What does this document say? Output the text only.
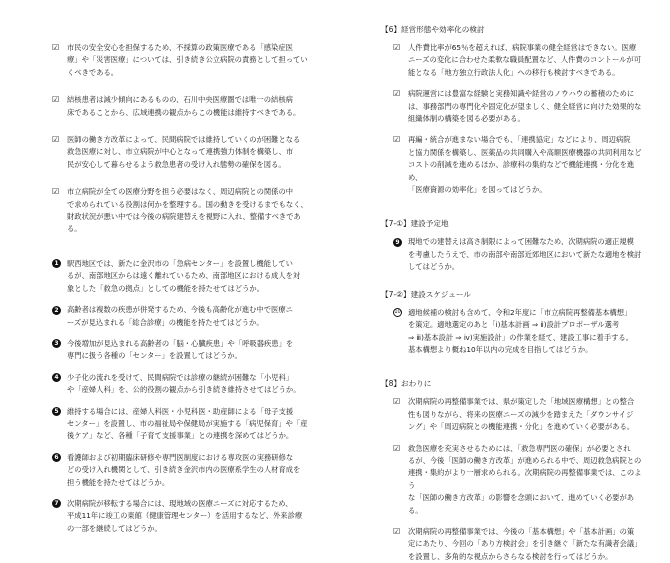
☑	市民の安全安心を担保するため、不採算の政策医療である「感染症医
療」や「災害医療」については、引き続き公立病院の責務として担ってい
くべきである。
☑	結核患者は減少傾向にあるものの、石川中央医療圏では唯一の結核病
床であることから、広域連携の観点からこの機能は維持すべきである。
☑	医師の働き方改革によって、民間病院では維持していくのが困難となる
救急医療に対し、市立病院が中心となって連携強力体制を構築し、市
民が安心して暮らせるよう救急患者の受け入れ態勢の確保を図る。
☑	市立病院が全ての医療分野を担う必要はなく、周辺病院との関係の中
で求められている役割は何かを整理する。国の動きを受けるまでもなく、
財政状況が悪い中では今後の病院建替えを視野に入れ、整備すべきである。
1	駅西地区では、新たに金沢市の「急病センター」を設置し機能してい
るが、南部地区からは遠く離れているため、南部地区における成人を対
象とした「救急の拠点」としての機能を持たせてはどうか。
2	高齢者は複数の疾患が併発するため、今後も高齢化が進む中で医療ニ
ーズが見込まれる「総合診療」の機能を持たせてはどうか。
3	今後増加が見込まれる高齢者の「脳・心臓疾患」や「呼吸器疾患」を
専門に扱う各種の「センター」を設置してはどうか。
4	少子化の流れを受けて、民間病院では診療の継続が困難な「小児科」
や「産婦人科」を、公的役割の観点から引き続き維持させてはどうか。
5	維持する場合には、産婦人科医・小児科医・助産師による「母子支援
センター」を設置し、市の福祉局や保健局が実施する「病児保育」や「産
後ケア」など、各種「子育て支援事業」との連携を深めてはどうか。
6	看護師および初期臨床研修や専門医制度における専攻医の実務研修な
どの受け入れ機関として、引き続き金沢市内の医療系学生の人材育成を
担う機能を持たせてはどうか。
7	次期病院が移転する場合には、現地域の医療ニーズに対応するため、
平成11年に竣工の東館（健康管理センター）を活用するなど、外来診療
の一部を継続してはどうか。

【6】経営形態や効率化の検討

☑	人件費比率が65％を超えれば、病院事業の健全経営はできない。医療
ニーズの変化に合わせた柔軟な職員配置など、人件費のコントールが可
能となる「地方独立行政法人化」への移行も検討すべきである。
☑	病院運営には豊富な経験と実務知識や経営のノウハウの蓄積のために
は、事務部門の専門化や固定化が望ましく、健全経営に向けた効果的な
組織体制の構築を図る必要がある。
☑	再編・統合が進まない場合でも、「連携協定」などにより、周辺病院
と協力関係を構築し、医薬品の共同購入や高額医療機器の共同利用など
コストの削減を進めるほか、診療科の集約などで機能連携・分化を進め、
「医療資源の効率化」を図ってはどうか。

【7-①】建設予定地

9	現地での建替えは高さ制限によって困難なため、次期病院の適正規模
を考慮したうえで、市の南部や南部近郊地区において新たな適地を検討
してはどうか。

【7-②】建設スケジュール

10 適地候補の検討も含めて、令和2年度に「市立病院再整備基本構想」
を策定。適地選定のあと「ⅰ)基本計画 ⇒ ⅱ)設計プロポーザル選考
⇒ ⅲ)基本設計 ⇒ ⅳ)実施設計」の作業を経て、建設工事に着手する。
基本構想より概ね10年以内の完成を目指してはどうか。

【8】おわりに

☑	次期病院の再整備事業では、県が策定した「地域医療構想」との整合
性も図りながら、将来の医療ニーズの減少を踏まえた「ダウンサイジ
ング」や「周辺病院との機能連携・分化」を進めていく必要がある。
☑	救急医療を充実させるためには、「救急専門医の確保」が必要とされ
るが、今後「医師の働き方改革」が進められる中で、周辺救急病院との
連携・集約がより一層求められる。次期病院の再整備事業では、このよう
な「医師の働き方改革」の影響を念頭において、進めていく必要がある。
☑	次期病院の再整備事業では、今後の「基本構想」や「基本計画」の策
定にあたり、今回の「あり方検討会」を引き継ぐ「新たな有識者会議」
を設置し、多角的な視点からさらなる検討を行ってはどうか。
